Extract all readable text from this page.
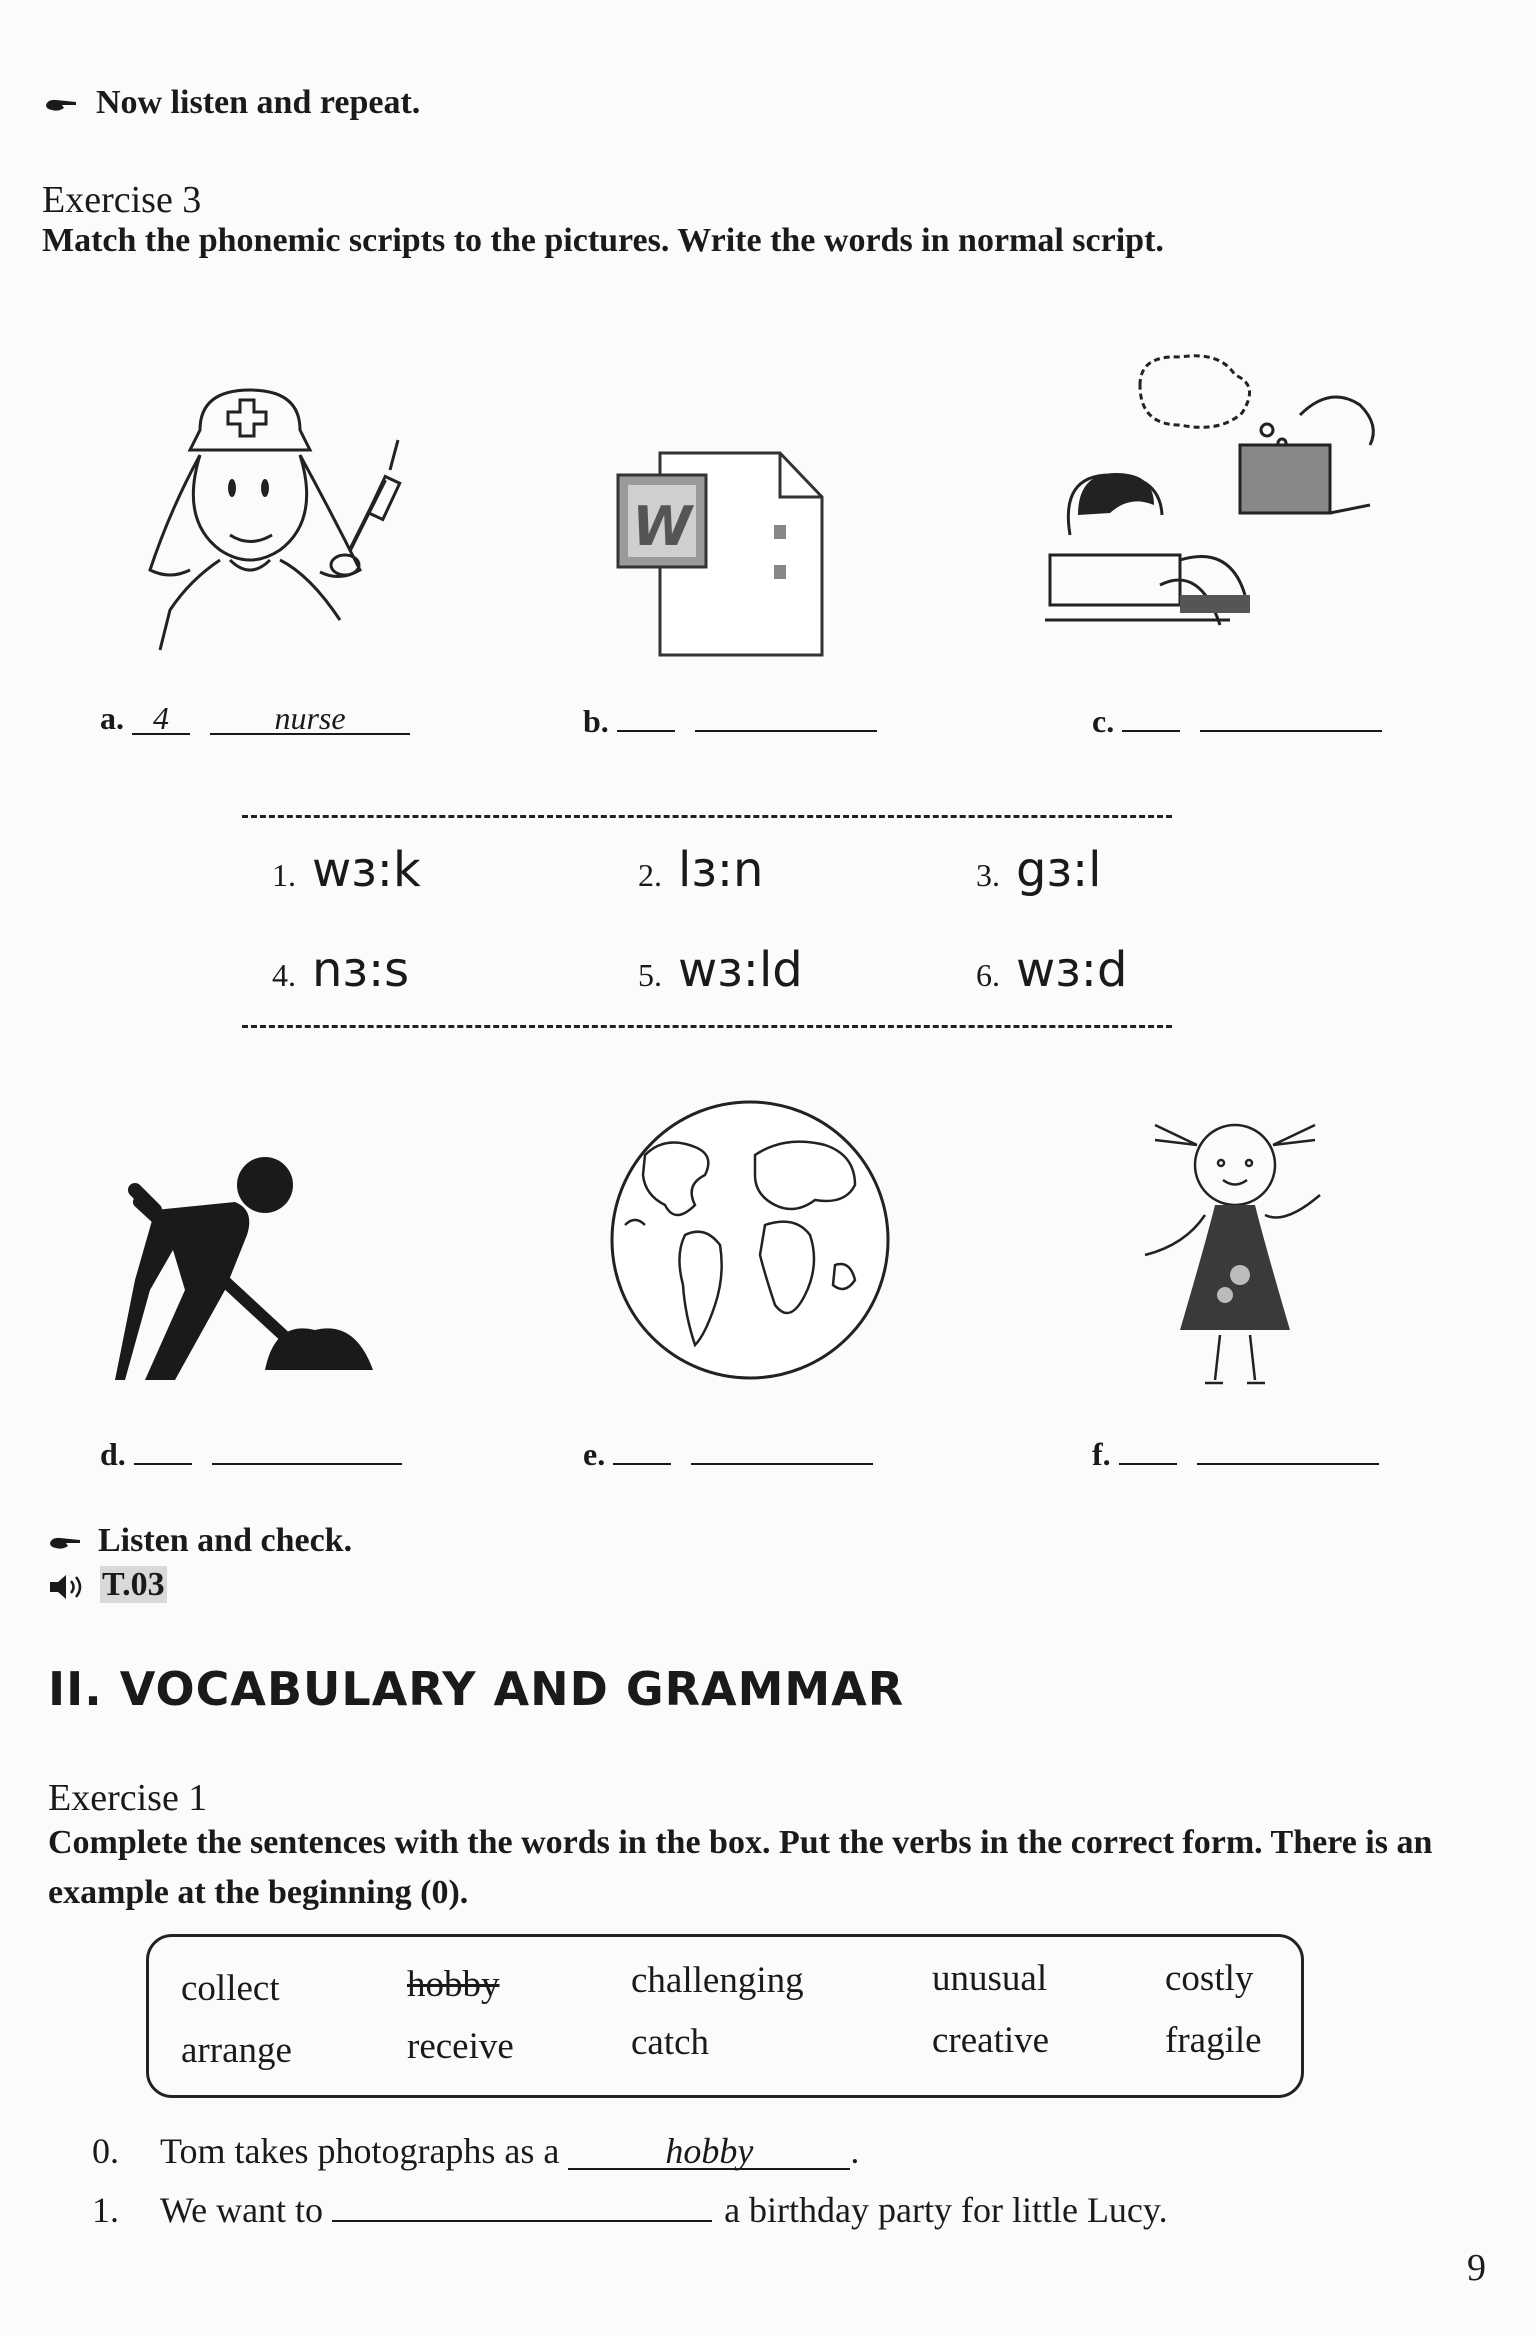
Now listen and repeat.
Exercise 3
Match the phonemic scripts to the pictures. Write the words in normal script.
W
a. 4	nurse	b.	c.
1. wɜ:k	2. lɜ:n	3. gɜ:l
4. nɜ:s	5. wɜ:ld	6. wɜ:d
d.	e.	f.
Listen and check.
T.03
II. VOCABULARY AND GRAMMAR
Exercise 1
Complete the sentences with the words in the box. Put the verbs in the correct form. There is an example at the beginning (0).
collect	hobby	challenging	unusual	costly
arrange	receive	catch	creative	fragile
0. Tom takes photographs as a	hobby	.
1. We want to	a birthday party for little Lucy.
9
